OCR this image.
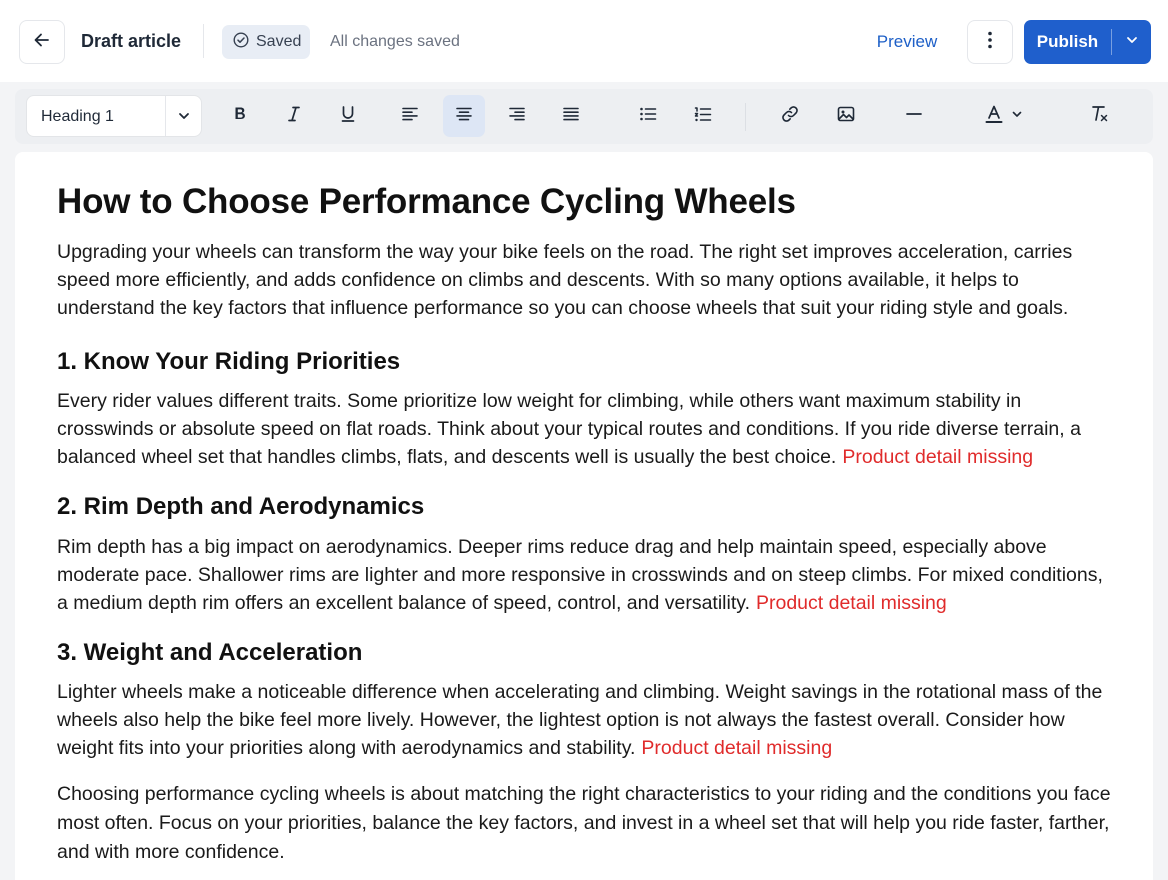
Draft article	Saved All changes saved	Preview	Publish
Heading 1
How to Choose Performance Cycling Wheels

Upgrading your wheels can transform the way your bike feels on the road. The right set improves acceleration, carries speed more efficiently, and adds confidence on climbs and descents. With so many options available, it helps to understand the key factors that influence performance so you can choose wheels that suit your riding style and goals.

1. Know Your Riding Priorities

Every rider values different traits. Some prioritize low weight for climbing, while others want maximum stability in crosswinds or absolute speed on flat roads. Think about your typical routes and conditions. If you ride diverse terrain, a balanced wheel set that handles climbs, flats, and descents well is usually the best choice. Product detail missing

2. Rim Depth and Aerodynamics

Rim depth has a big impact on aerodynamics. Deeper rims reduce drag and help maintain speed, especially above moderate pace. Shallower rims are lighter and more responsive in crosswinds and on steep climbs. For mixed conditions, a medium depth rim offers an excellent balance of speed, control, and versatility. Product detail missing

3. Weight and Acceleration

Lighter wheels make a noticeable difference when accelerating and climbing. Weight savings in the rotational mass of the wheels also help the bike feel more lively. However, the lightest option is not always the fastest overall. Consider how weight fits into your priorities along with aerodynamics and stability. Product detail missing

Choosing performance cycling wheels is about matching the right characteristics to your riding and the conditions you face most often. Focus on your priorities, balance the key factors, and invest in a wheel set that will help you ride faster, farther, and with more confidence.
